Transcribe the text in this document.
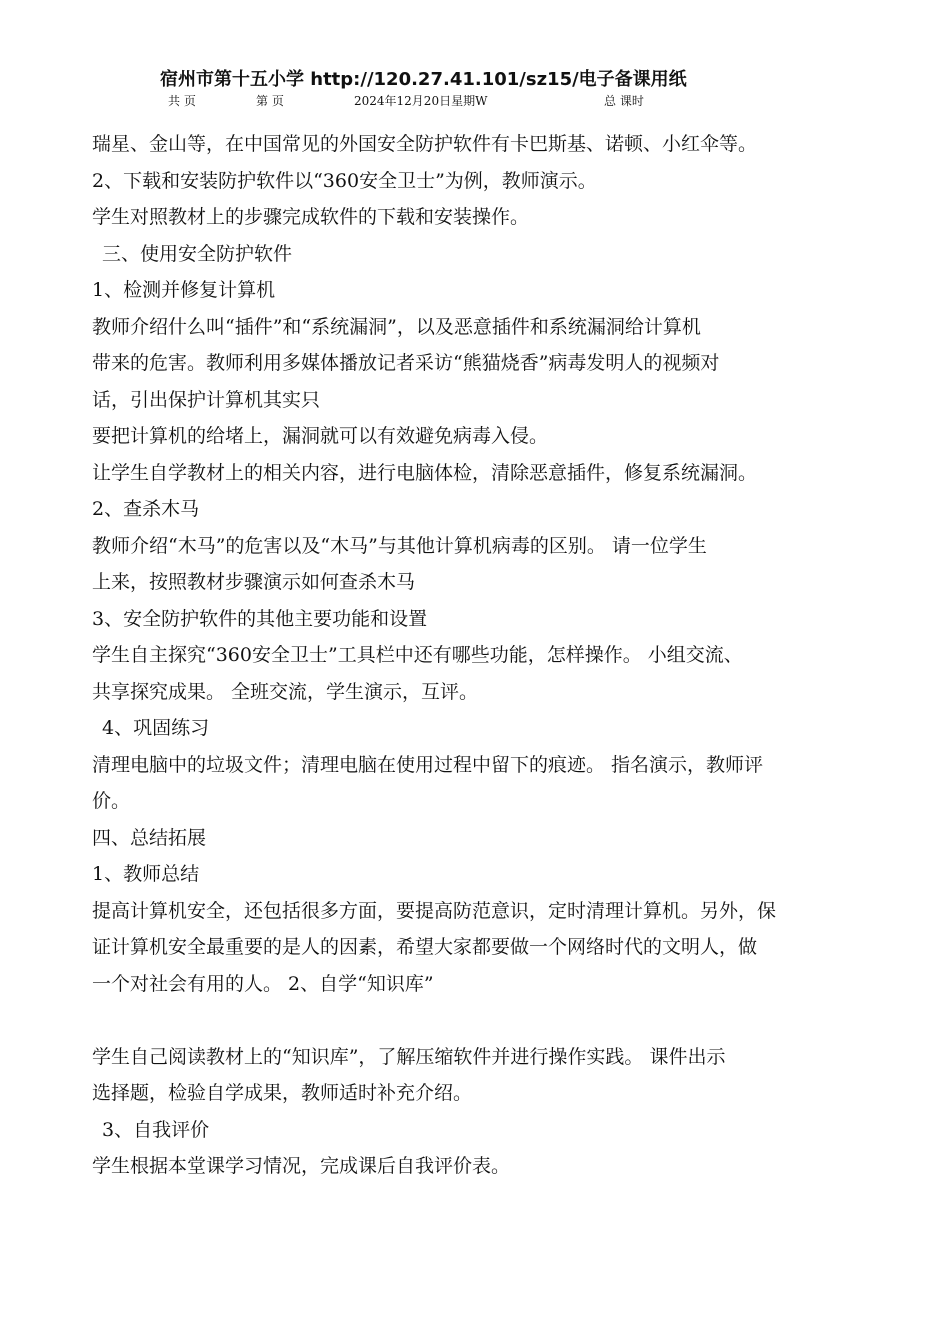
宿州市第十五小学 http://120.27.41.101/sz15/电子备课用纸
共 页	第 页	2024年12月20日星期W	总 课时
瑞星、金山等，在中国常见的外国安全防护软件有卡巴斯基、诺顿、小红伞等。
2、下载和安装防护软件以“360安全卫士”为例，教师演示。
学生对照教材上的步骤完成软件的下载和安装操作。
三、使用安全防护软件
1、检测并修复计算机
教师介绍什么叫“插件”和“系统漏洞”，以及恶意插件和系统漏洞给计算机
带来的危害。教师利用多媒体播放记者采访“熊猫烧香”病毒发明人的视频对
话，引出保护计算机其实只
要把计算机的给堵上，漏洞就可以有效避免病毒入侵。
让学生自学教材上的相关内容，进行电脑体检，清除恶意插件，修复系统漏洞。
2、查杀木马
教师介绍“木马”的危害以及“木马”与其他计算机病毒的区别。 请一位学生
上来，按照教材步骤演示如何查杀木马
3、安全防护软件的其他主要功能和设置
学生自主探究“360安全卫士”工具栏中还有哪些功能，怎样操作。 小组交流、
共享探究成果。 全班交流，学生演示，互评。
4、巩固练习
清理电脑中的垃圾文件；清理电脑在使用过程中留下的痕迹。 指名演示，教师评
价。
四、总结拓展
1、教师总结
提高计算机安全，还包括很多方面，要提高防范意识，定时清理计算机。另外，保
证计算机安全最重要的是人的因素，希望大家都要做一个网络时代的文明人，做
一个对社会有用的人。 2、自学“知识库”
学生自己阅读教材上的“知识库”，了解压缩软件并进行操作实践。 课件出示
选择题，检验自学成果，教师适时补充介绍。
3、自我评价
学生根据本堂课学习情况，完成课后自我评价表。
